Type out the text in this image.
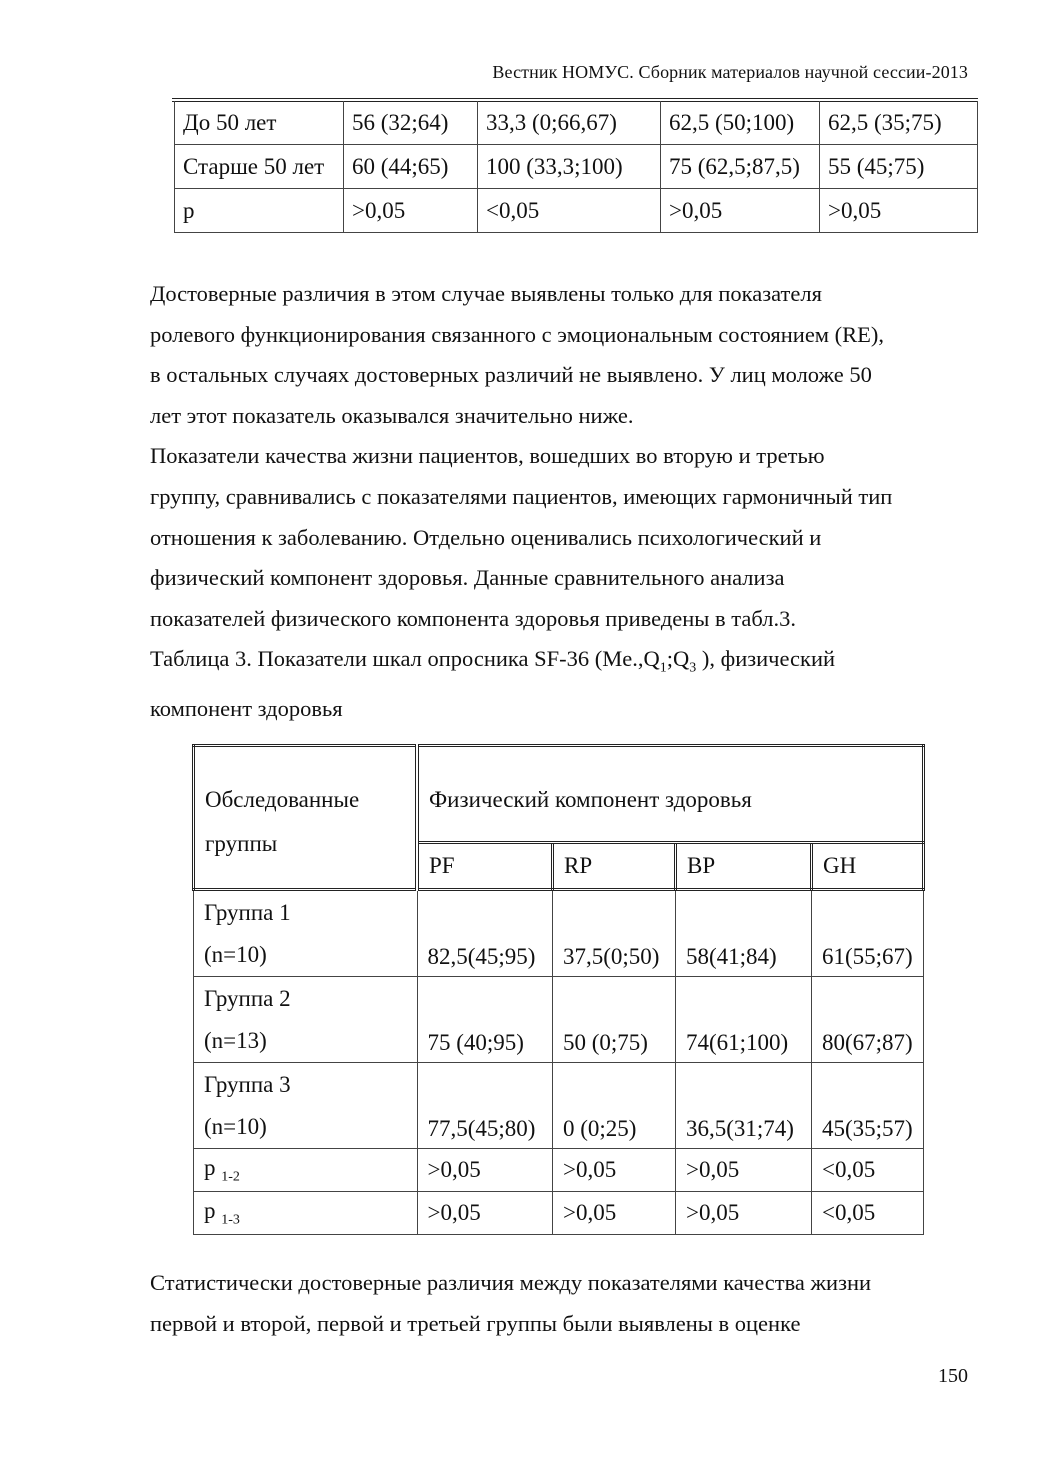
Вестник НОМУС. Сборник материалов научной сессии-2013
До 50 лет	56 (32;64)	33,3 (0;66,67)	62,5 (50;100)	62,5 (35;75)
Старше 50 лет	60 (44;65)	100 (33,3;100)	75 (62,5;87,5)	55 (45;75)
p	>0,05	<0,05	>0,05	>0,05

Достоверные различия в этом случае выявлены только для показателя

ролевого функционирования связанного с эмоциональным состоянием (RE),

в остальных случаях достоверных различий не выявлено. У лиц моложе 50

лет этот показатель оказывался значительно ниже.

Показатели качества жизни пациентов, вошедших во вторую и третью

группу, сравнивались с показателями пациентов, имеющих гармоничный тип

отношения к заболеванию. Отдельно оценивались психологический и

физический компонент здоровья. Данные сравнительного анализа

показателей физического компонента здоровья приведены в табл.3.

Таблица 3. Показатели шкал опросника SF-36 ($Me.,Q_1;Q_3$ ), физический

компонент здоровья

Обследованные
группы	Физический компонент здоровья			
	PF	RP	BP	GH

Группа 1
(n=10)	82,5(45;95)	37,5(0;50)	58(41;84)	61(55;67)

Группа 2
(n=13)	75 (40;95)	50 (0;75)	74(61;100)	80(67;87)

Группа 3
(n=10)	77,5(45;80)	0 (0;25)	36,5(31;74)	45(35;57)
p $_{1-2}$	>0,05	>0,05	>0,05	<0,05
p $_{1-3}$	>0,05	>0,05	>0,05	<0,05

Статистически достоверные различия между показателями качества жизни

первой и второй, первой и третьей группы были выявлены в оценке

150
